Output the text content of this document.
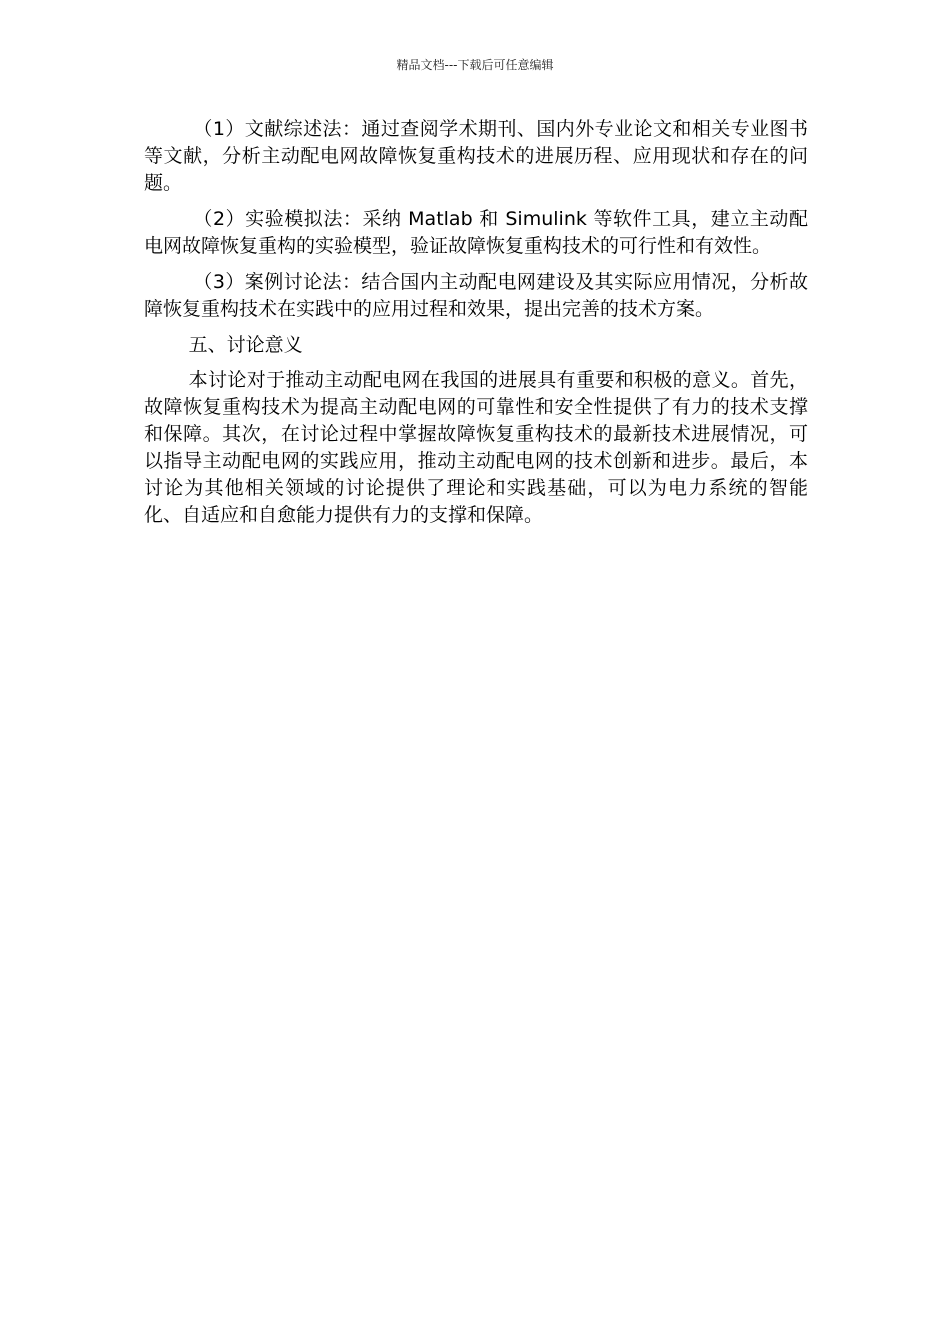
精品文档---下载后可任意编辑

（1）文献综述法：通过查阅学术期刊、国内外专业论文和相关专业图书等文献，分析主动配电网故障恢复重构技术的进展历程、应用现状和存在的问题。

（2）实验模拟法：采纳 Matlab 和 Simulink 等软件工具，建立主动配电网故障恢复重构的实验模型，验证故障恢复重构技术的可行性和有效性。

（3）案例讨论法：结合国内主动配电网建设及其实际应用情况，分析故障恢复重构技术在实践中的应用过程和效果，提出完善的技术方案。

五、讨论意义

本讨论对于推动主动配电网在我国的进展具有重要和积极的意义。首先，故障恢复重构技术为提高主动配电网的可靠性和安全性提供了有力的技术支撑和保障。其次，在讨论过程中掌握故障恢复重构技术的最新技术进展情况，可以指导主动配电网的实践应用，推动主动配电网的技术创新和进步。最后，本讨论为其他相关领域的讨论提供了理论和实践基础，可以为电力系统的智能化、自适应和自愈能力提供有力的支撑和保障。
